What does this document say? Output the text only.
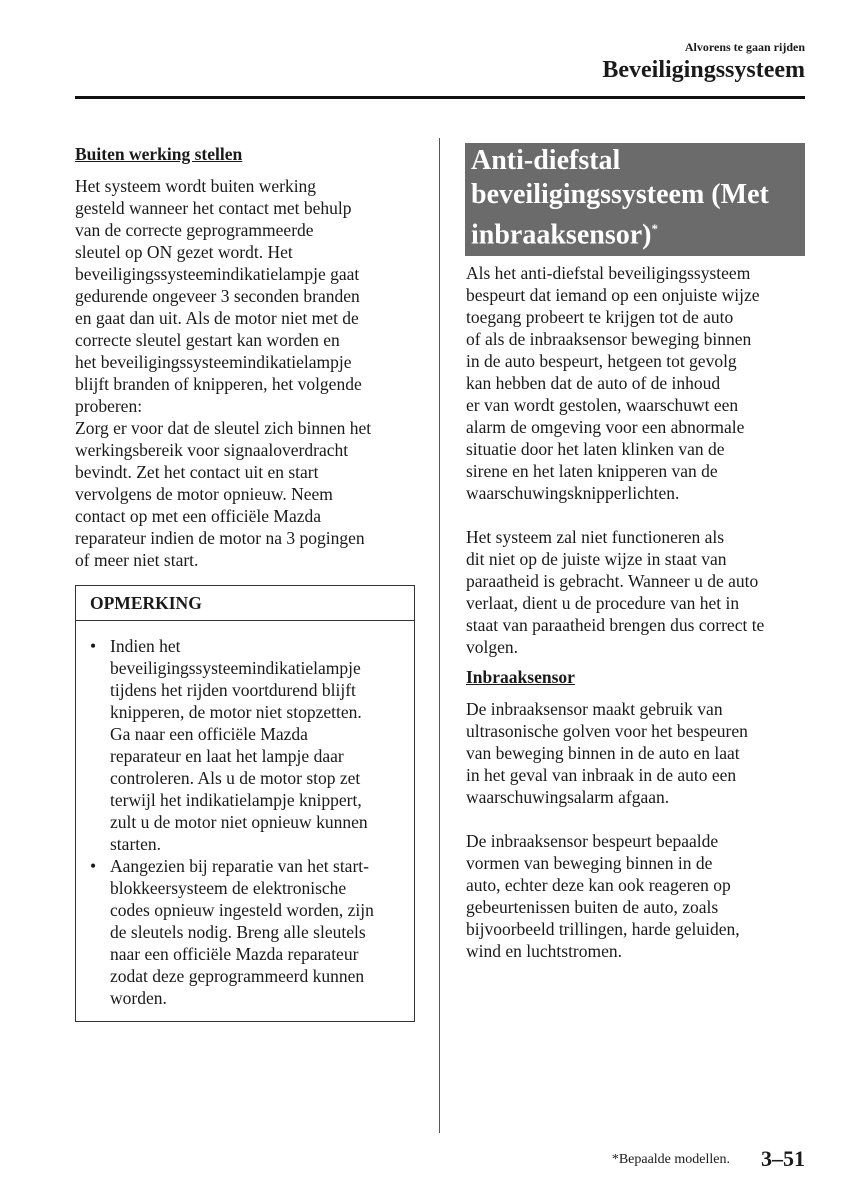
Alvorens te gaan rijden
Beveiligingssysteem
Buiten werking stellen

Het systeem wordt buiten werking
gesteld wanneer het contact met behulp
van de correcte geprogrammeerde
sleutel op ON gezet wordt. Het
beveiligingssysteemindikatielampje gaat
gedurende ongeveer 3 seconden branden
en gaat dan uit. Als de motor niet met de
correcte sleutel gestart kan worden en
het beveiligingssysteemindikatielampje
blijft branden of knipperen, het volgende
proberen:
Zorg er voor dat de sleutel zich binnen het
werkingsbereik voor signaaloverdracht
bevindt. Zet het contact uit en start
vervolgens de motor opnieuw. Neem
contact op met een officiële Mazda
reparateur indien de motor na 3 pogingen
of meer niet start.

OPMERKING
• Indien het
beveiligingssysteemindikatielampje
tijdens het rijden voortdurend blijft
knipperen, de motor niet stopzetten.
Ga naar een officiële Mazda
reparateur en laat het lampje daar
controleren. Als u de motor stop zet
terwijl het indikatielampje knippert,
zult u de motor niet opnieuw kunnen
starten.
• Aangezien bij reparatie van het start-
blokkeersysteem de elektronische
codes opnieuw ingesteld worden, zijn
de sleutels nodig. Breng alle sleutels
naar een officiële Mazda reparateur
zodat deze geprogrammeerd kunnen
worden.
Anti-diefstal
beveiligingssysteem (Met
inbraaksensor)*

Als het anti-diefstal beveiligingssysteem
bespeurt dat iemand op een onjuiste wijze
toegang probeert te krijgen tot de auto
of als de inbraaksensor beweging binnen
in de auto bespeurt, hetgeen tot gevolg
kan hebben dat de auto of de inhoud
er van wordt gestolen, waarschuwt een
alarm de omgeving voor een abnormale
situatie door het laten klinken van de
sirene en het laten knipperen van de
waarschuwingsknipperlichten.

Het systeem zal niet functioneren als
dit niet op de juiste wijze in staat van
paraatheid is gebracht. Wanneer u de auto
verlaat, dient u de procedure van het in
staat van paraatheid brengen dus correct te
volgen.

Inbraaksensor

De inbraaksensor maakt gebruik van
ultrasonische golven voor het bespeuren
van beweging binnen in de auto en laat
in het geval van inbraak in de auto een
waarschuwingsalarm afgaan.

De inbraaksensor bespeurt bepaalde
vormen van beweging binnen in de
auto, echter deze kan ook reageren op
gebeurtenissen buiten de auto, zoals
bijvoorbeeld trillingen, harde geluiden,
wind en luchtstromen.

*Bepaalde modellen. 3–51
